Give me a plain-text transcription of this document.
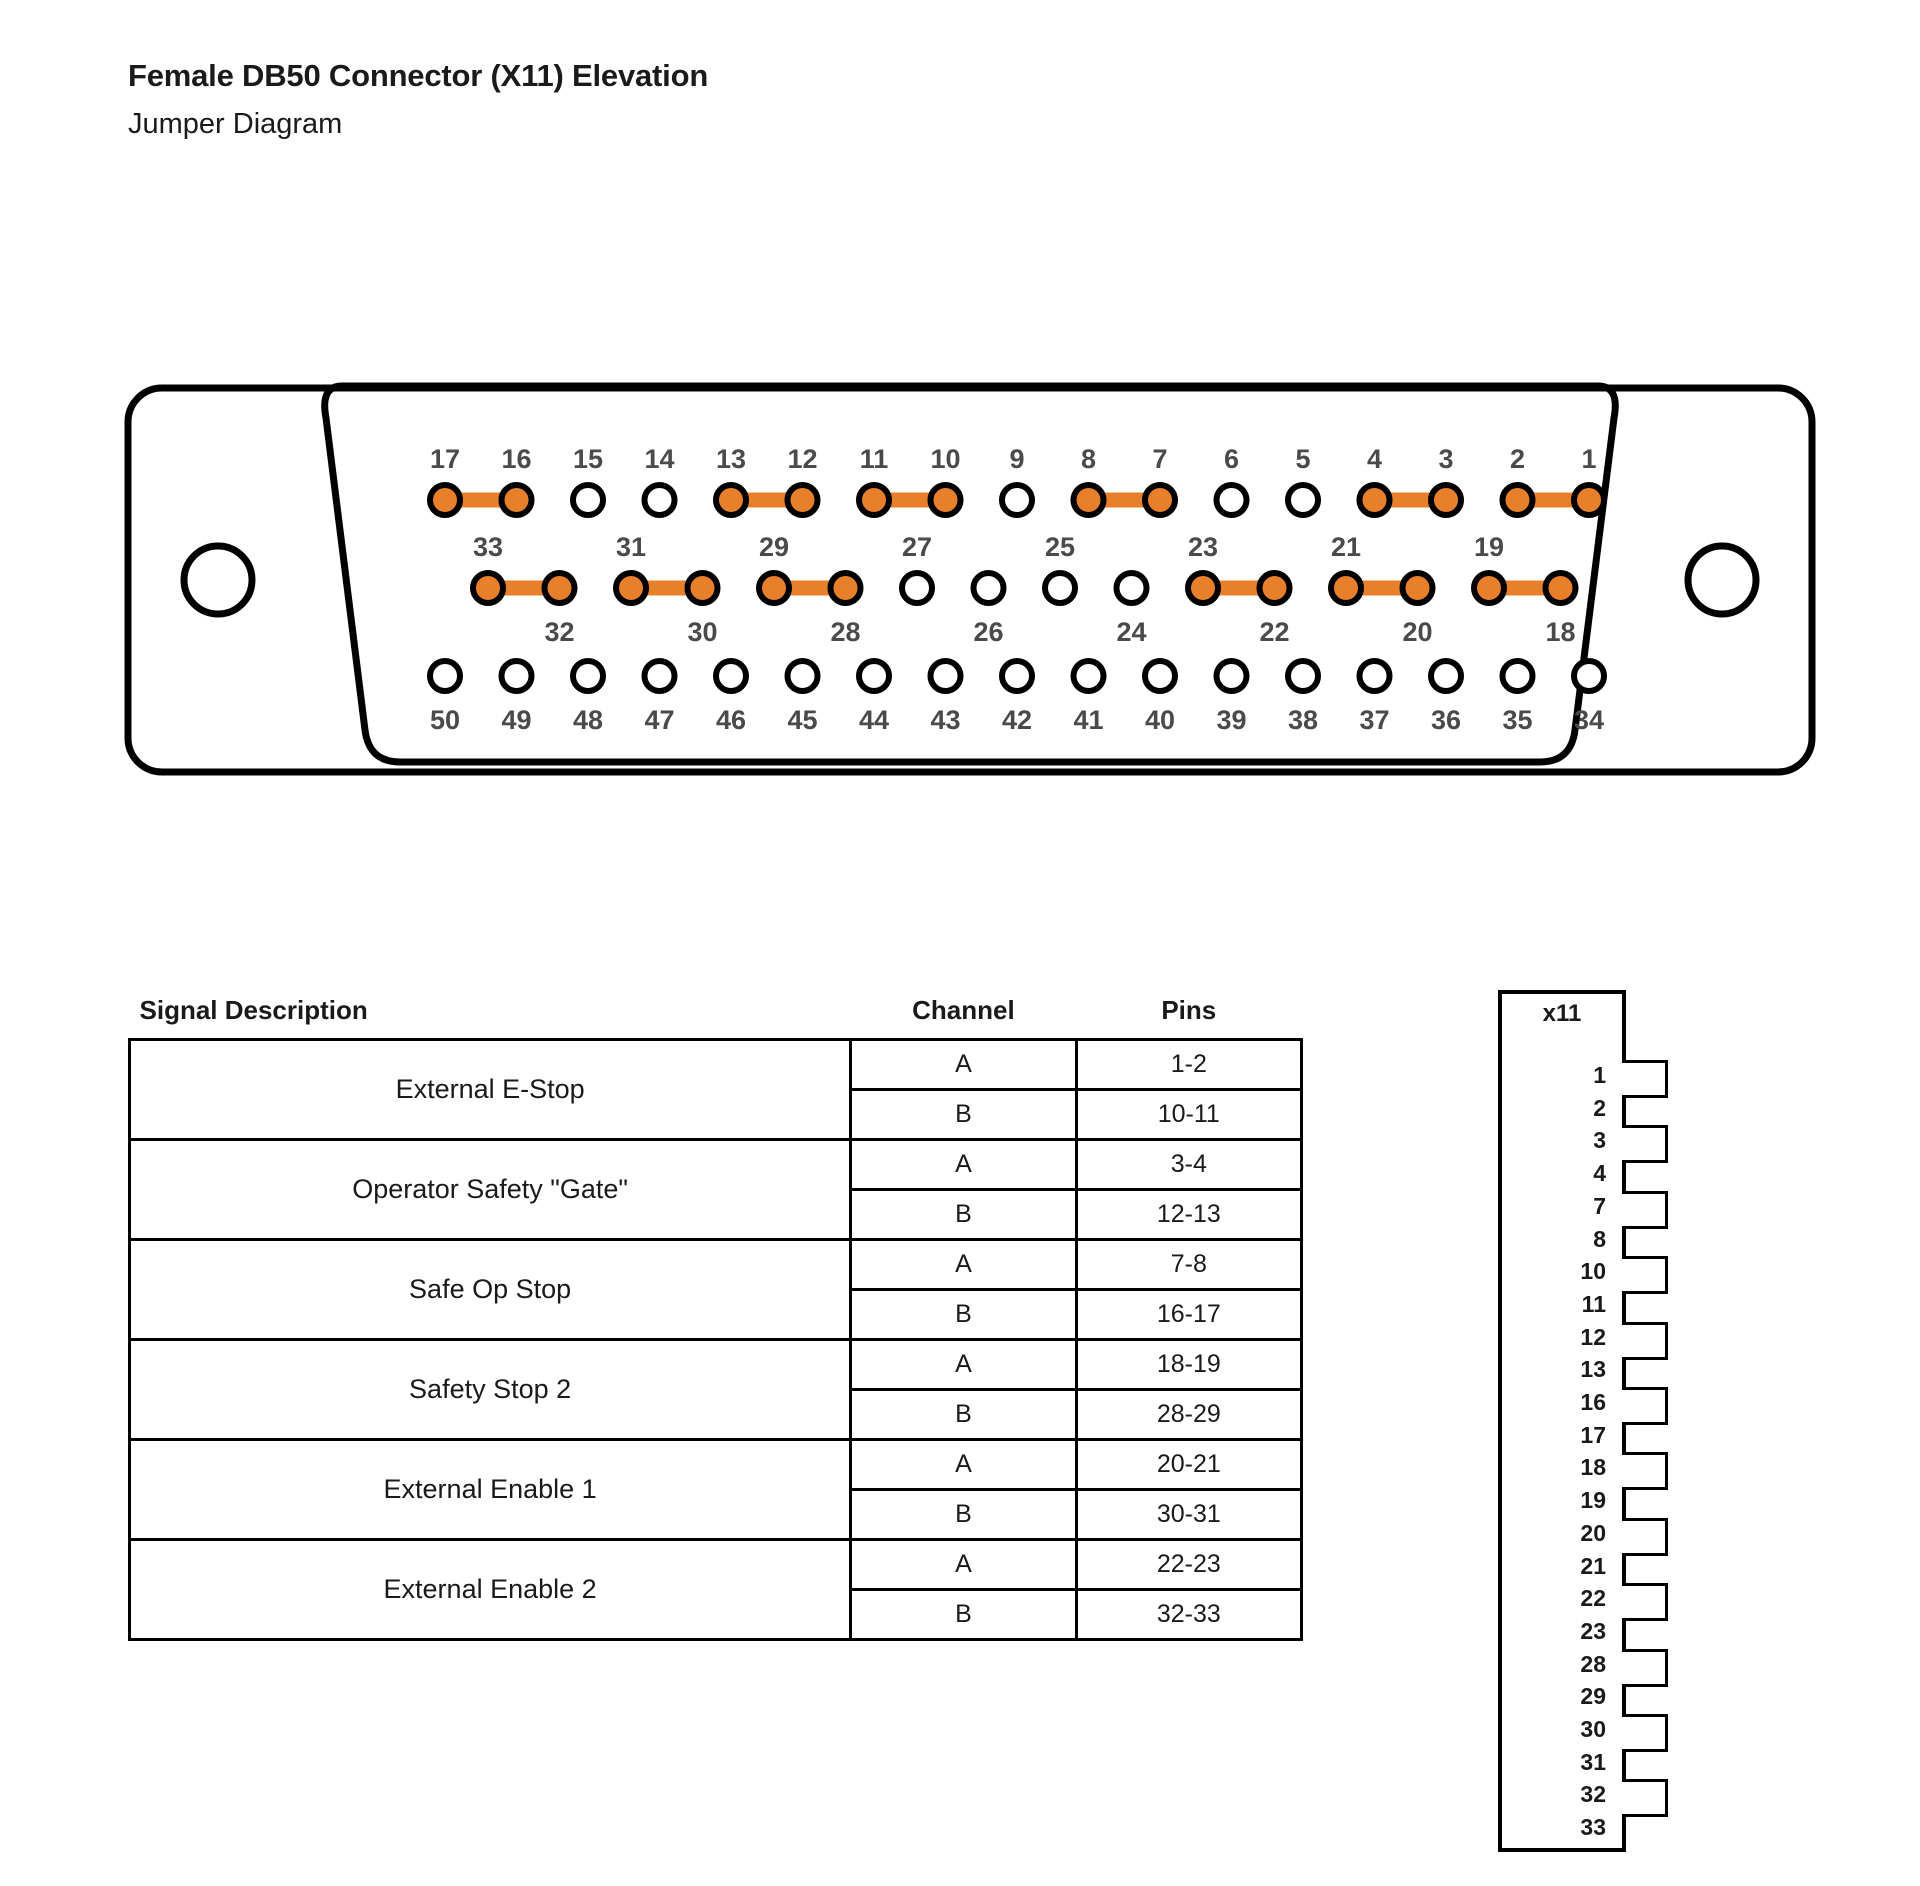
Female DB50 Connector (X11) Elevation
Jumper Diagram
17 16 15 14 13 12 11 10 9 8 7 6 5 4 3 2 1
33
32
31
30
29
28
27
26
25
24
23
22
21
20
19
18
50 49 48 47 46 45 44 43 42 41 40 39 38 37 36 35 34
Signal Description	Channel	Pins
External E-Stop	A	1-2
	B	10-11
Operator Safety "Gate"	A	3-4
	B	12-13
Safe Op Stop	A	7-8
	B	16-17
Safety Stop 2	A	18-19
	B	28-29
External Enable 1	A	20-21
	B	30-31
External Enable 2	A	22-23
	B	32-33
x11
1
2
3
4
7
8
10
11
12
13
16
17
18
19
20
21
22
23
28
29
30
31
32
33
